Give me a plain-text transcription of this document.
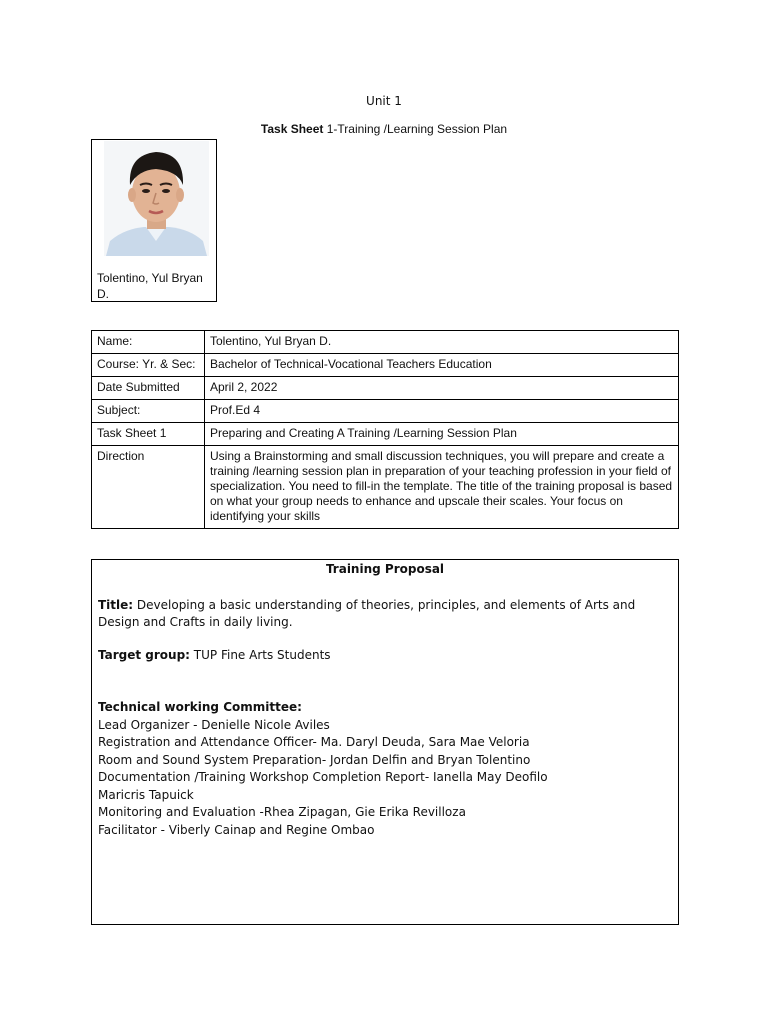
Unit 1
Task Sheet 1-Training /Learning Session Plan
Tolentino, Yul Bryan D.
Name:	Tolentino, Yul Bryan D.
Course: Yr. & Sec:	Bachelor of Technical-Vocational Teachers Education
Date Submitted	April 2, 2022
Subject:	Prof.Ed 4
Task Sheet 1	Preparing and Creating A Training /Learning Session Plan
Direction	Using a Brainstorming and small discussion techniques, you will prepare and create a training /learning session plan in preparation of your teaching profession in your field of specialization. You need to fill-in the template. The title of the training proposal is based on what your group needs to enhance and upscale their scales. Your focus on identifying your skills
Training Proposal
Title: Developing a basic understanding of theories, principles, and elements of Arts and Design and Crafts in daily living.
Target group: TUP Fine Arts Students
Technical working Committee:
Lead Organizer - Denielle Nicole Aviles
Registration and Attendance Officer- Ma. Daryl Deuda, Sara Mae Veloria
Room and Sound System Preparation- Jordan Delfin and Bryan Tolentino
Documentation /Training Workshop Completion Report- Ianella May Deofilo
Maricris Tapuick
Monitoring and Evaluation -Rhea Zipagan, Gie Erika Revilloza
Facilitator - Viberly Cainap and Regine Ombao
